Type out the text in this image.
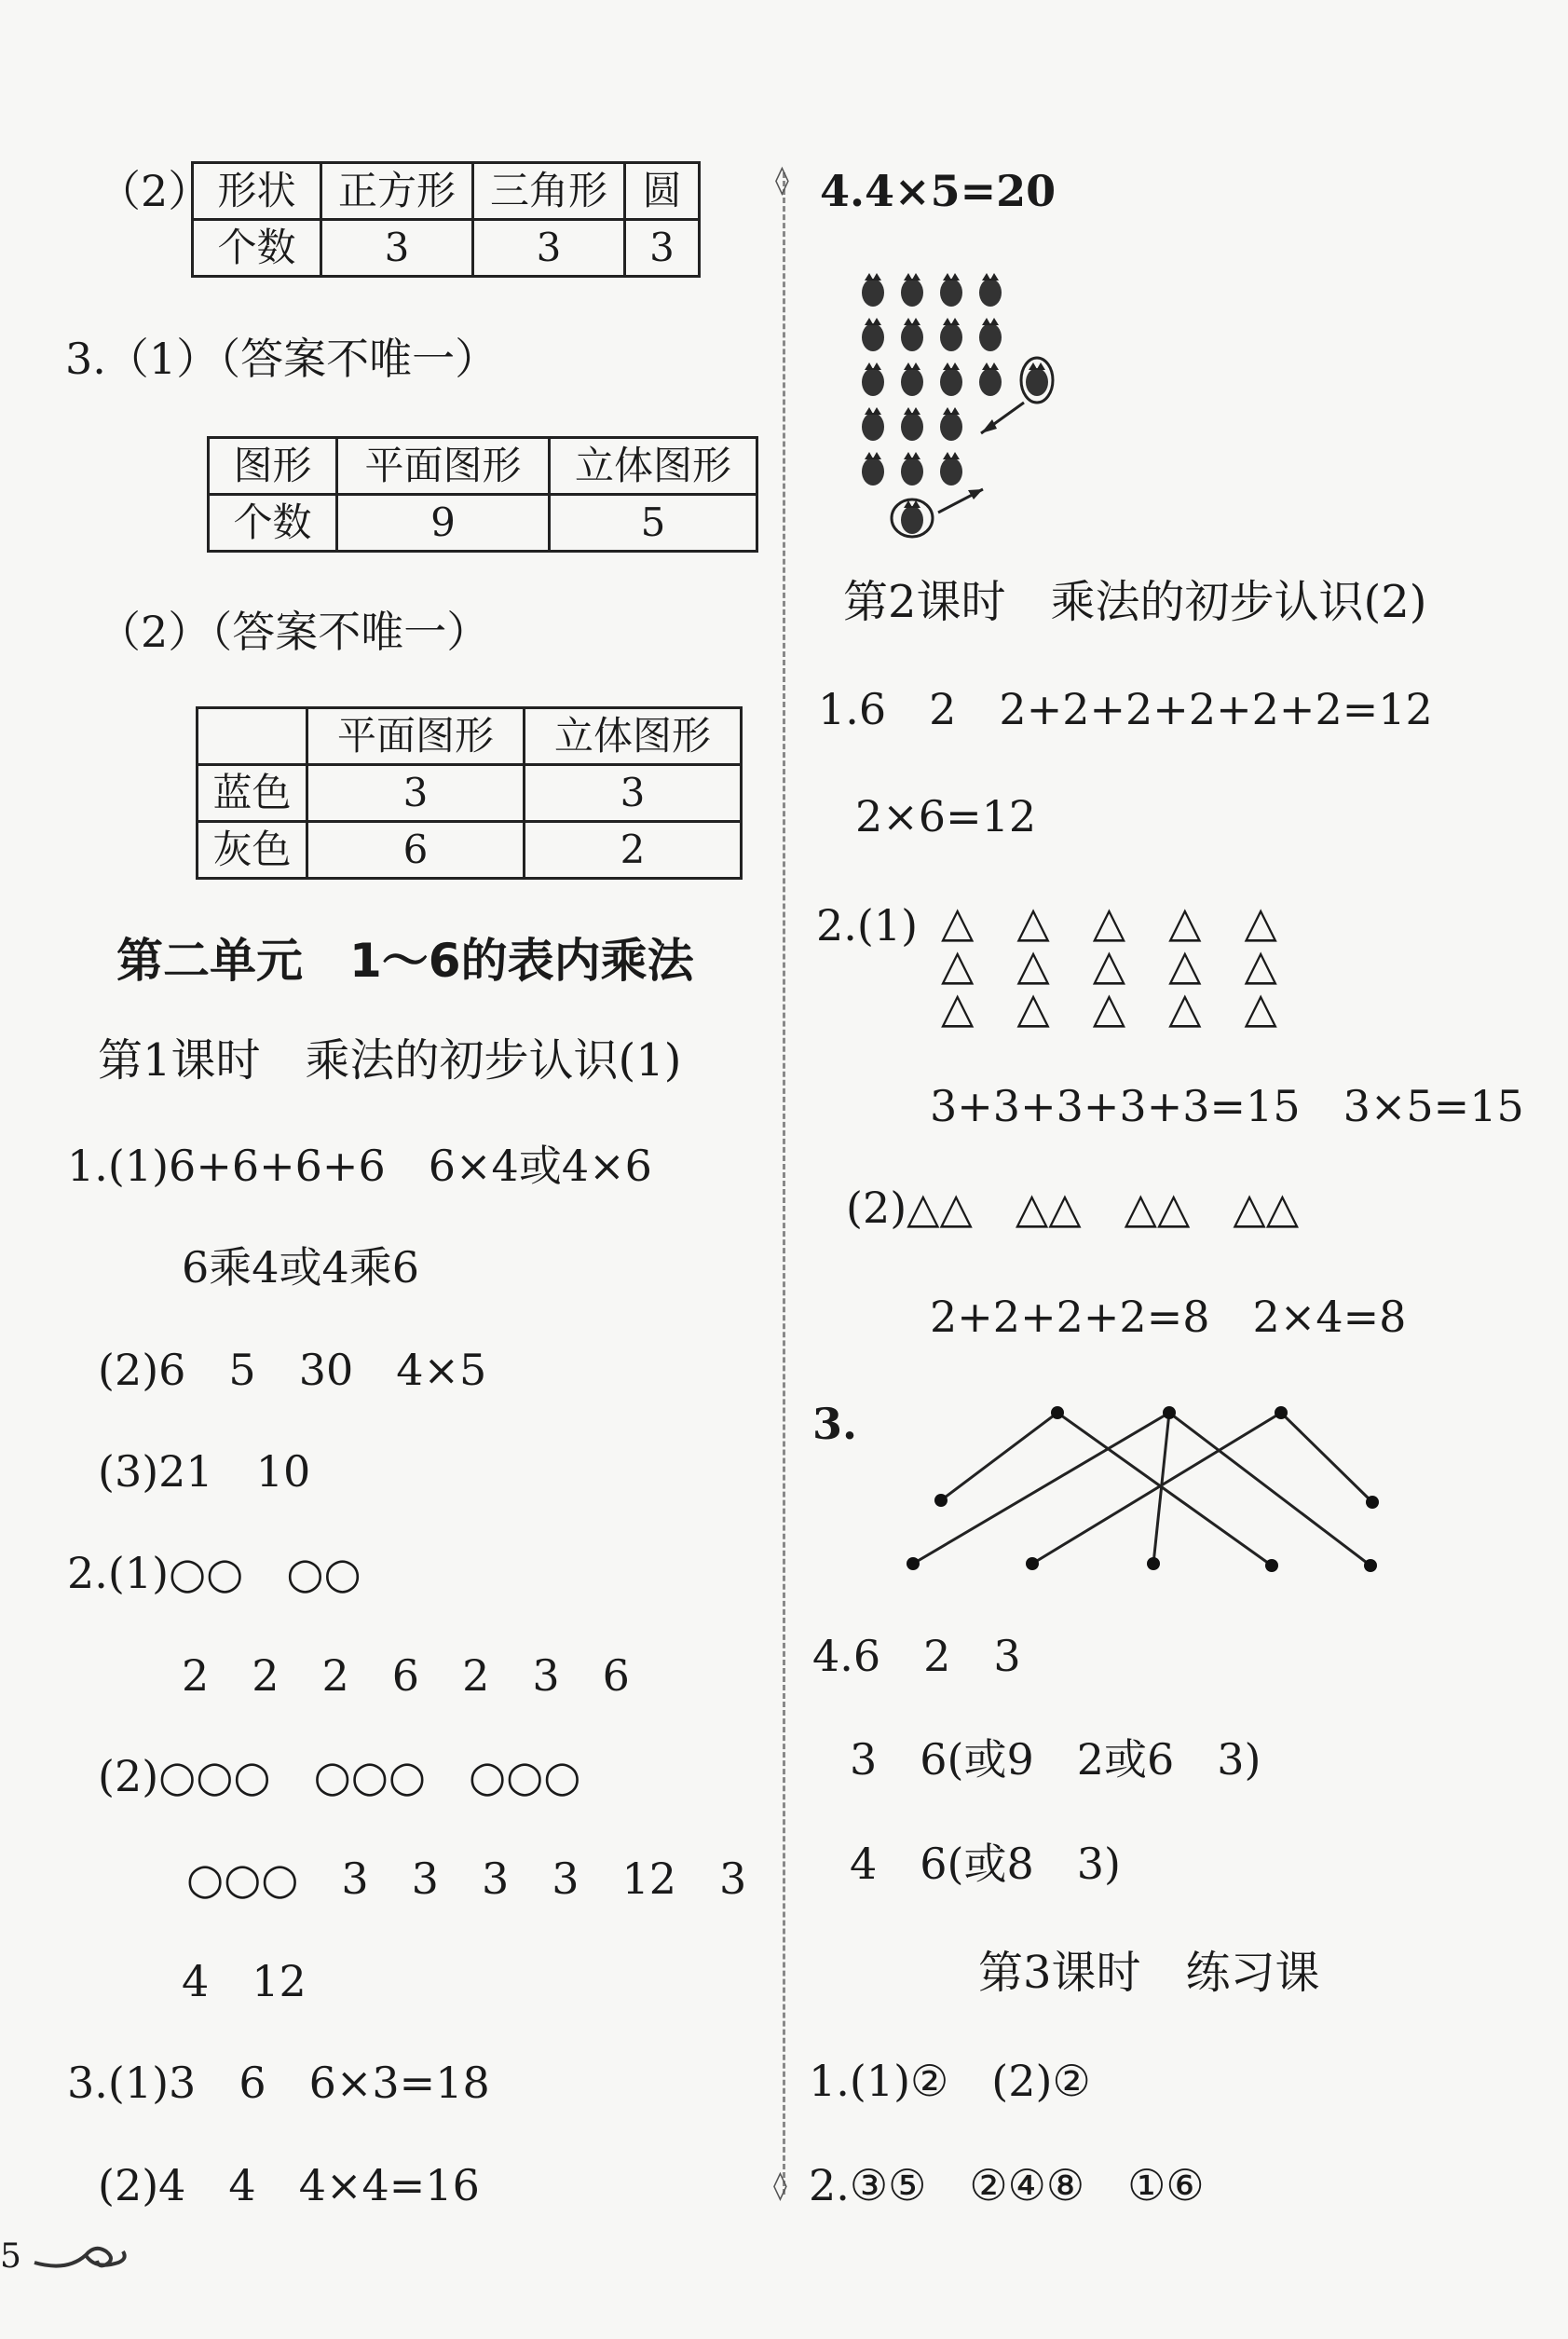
◊
◊
（2） 形状	正方形	三角形	圆
个数	3	3	3
3.（1）（答案不唯一）
图形	平面图形	立体图形
个数	9	5
（2）（答案不唯一）
	平面图形	立体图形
蓝色	3	3
灰色	6	2
第二单元　1～6的表内乘法
第1课时　乘法的初步认识(1)
1.(1)6+6+6+6　6×4或4×6
6乘4或4乘6
(2)6　5　30　4×5
(3)21　10
2.(1)○○　○○
2　2　2　6　2　3　6
(2)○○○　○○○　○○○
○○○　3　3　3　3　12　3
4　12
3.(1)3　6　6×3=18
(2)4　4　4×4=16
5
4.4×5=20
第2课时　乘法的初步认识(2)
1.6　2　2+2+2+2+2+2=12
2×6=12
2.(1) △　△　△　△　△
△　△　△　△　△
△　△　△　△　△
3+3+3+3+3=15　3×5=15
(2)△△　△△　△△　△△
2+2+2+2=8　2×4=8
3.
4.6　2　3
3　6(或9　2或6　3)
4　6(或8　3)
第3课时　练习课
1.(1)②　(2)②
2.③⑤　②④⑧　①⑥
